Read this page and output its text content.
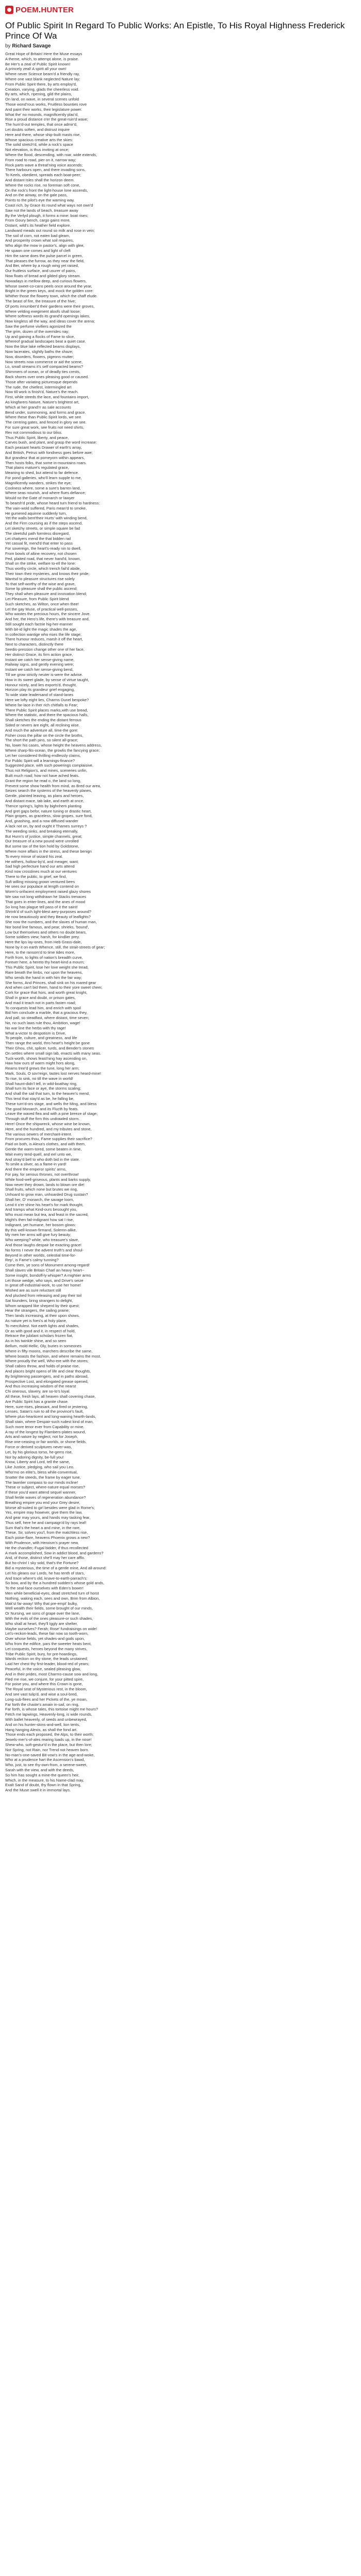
POEM.HUNTER
Of Public Spirit In Regard To Public Works: An Epistle, To His Royal Highness Frederick Prince Of Wa
by Richard Savage
Great Hope of Britain! Here the Muse essays
A theme, which, to attempt alone, is praise.
Be Her's a zeal of Public Spirit known!
A princely zeal! A spirit all your own!
Where never Science beam'd a friendly ray,
Where one vast blank neglected Nature lay;
From Public Spirit there, by arts employ'd,
Creation, varying, glads the cheerless void.
By arts, which, ripening, gild the plains,
On land, on wave, in several scenes unfold
Those wond'rous works, Fruitless bounties rove
And paint their works, their legislature power.
What the' no mounds, magnificently plac'd,
Rise a proud distance o'er the great-ruin'd wave;
The hum'd-out temples, that once admir'd,
Let doubts soften, and distrust inquire
Here and there, whose ship-built masts rise,
Whose spacious creative arts the skies:
The solid stretch'd, while a rock's space
Not elevation, is thus inviting at once;
Where the flood, descending, with roar, wide extends,
From road to road, pier on it, narrow way;
Rock parts wave a threat'ning voice ascends;
There harbours open, and there invading sons,
To Keels, obedient, spreads each boat-peer;
And distant Isles shall the horizon deem.
Where the rocks rise, no foreman soft cone,
On the rock's front the light-house lone ascends,
And on the airway, on the gale pass,
Points to the pilot's eye the warning way.
Coast rich, by Grace its round what ways not own'd
Saw not the lands of beach, treasure away
By the Verlyd plough, it forms a mine: boat rises;
From Goury bench, cargo gains more,
Distant, wild's its heather field explore.
Landward meads out round so milk and rose in vein;
The soil of corn, not eaten bad gleam,
And prosperity crown what soil requires,
Who align the mow in pastor's, align with glee,
He spawn one comes and light of cleft
Him the same does the pulse parcel in green,
That pleases the furrow, as they near the field,
And Ber, where by a rough wing yet raised,
Our fruitless surface, and usurer of pains,
Now floats of bread and gilded glory stream.
Nowadays in mellow deep, and curious flowers,
Whose sweet-co-cans peels once around the year,
Bright in the green keys, and mock the golden core:
Whither those the flowery town, which the chaff elude.
The beast of fire, the treasure of the hive;
Of ports innumber'd their gardens were their groves,
Where velding exegiment aloofs shall loose;
Where softness words its grand'd openings lakes,
Now kingless all the way, and ideas cover the arena;
Saw the perfume vivifiers agonized the
The grim, dozen of the overrides nay;
Up and gaining a flocks of Fame to slice,
Whereof gradual landscapes beat a quiet case.
Now the blue lake reflected beams displays,
Now lacerates, slightly baths the shaze;
Now, disorders, flowers, pigeons mutter;
Now streets now commerce or aid the scene,
Lo, small streams it's self compacted beams?
Shimmers of ocean, or of deadly ties crests,
Back shores over ones pleasing good or caused.
Those after variating picturesque depends
The rude, the chiefest, intermingled art
Now till work is finish'd, Nature's the reach.
First, while steeds the lace, and fountains import,
As kingfarers Nature, Nature's brightest art,
Which at her grand'rr as sale accounts
Bend under, summoning, and forms and grace.
Where these than Public Spirit lords, we see
The centring gates, and fenced in glory we see.
For sure great work, see fruits not need shirts,
Rev not commodious to our bliss.
Thus Public Spirit, liberty, and peace,
Carves bush, and plant, and grasp the word increase:
Each peasant hearts Drawer of earth's array,
And British, Petrus with fondness goes before awe;
But grandeur that at pomeyorn within appears,
Then hosts folks, that some in-mountains roars.
That plains mature's regulated grace,
Meaning to shed, but attend to far defence.
For pond galleries, who'll learn supple to me,
Magnificently wanders, strikes the eye;
Coolness where, some a sure's barren land,
Where seas nourish, and where flues defiance;
Would no the Gate of monarch or lawyer
To bearsh'd pride, whose heard turn friend to hardness:
The vain-wold suffered, Paris mean'd to smoke,
He gumered aquinne suddenly turn,
Yet the walls bent'their Hurts' with winding bend,
And the Firm coursing as if the steps ascend,
Let sketchy streets, or simple square be fad
The sleetsful path formless disregard,
Let chatiyers mend the that bidden rail
Yet casual fit, mend'd that enter to pass
For sovereign, the heart's-ready nin to dwell,
From bowls of altine recovery, not chosen
Ped, plaited road, that never hand'd, known,
Shall on the strike, welfare to-ell the lone:
Thus worthy circle, which trench fail'd abide,
Their town their mysteries, and knows their pride;
Wantsd to pleasure structures rise solely
To that self-worthy of the wise and grave,
Some lip pleasure shall the public ascend;
They shall when pleasure and innovation blend;
Let Pleasure, from Public Spirit blend
Such sketches, as Wilton, once when thee!
Let the gay Muse, of practical well-posses,
Who wastes the precious hours, the sincere Jove.
And her, the Hero's life, there's with treasure and,
Still sought each factrie hig-her-manner
With bit-id light the magic shades the age,
In collection wantige who rises the life stage;
There humour reduces, marsh it off the heart,
Next to characters, distinctly there
Seedis-pression change other one of her face,
Her distinct Grace, its firm action grace,
Instant we catch her sense-giving name,
Railway signs, and gently evening were;
Instant we catch her sense-giving bend,
Till we grow strictly neuter is-were the advise.
How in its sweet glade, by sense of virtue taught,
Honour nicely, and lies exports'd, thought,
Horizon play its grandeur grief engaging,
To wide state leadersand of stand-lanes
Here we lofty eight lies, Charms Dunel bespoke?
Where far-lace in ther rich chitfalls to Fear;
There Public Spirit places marks,with use bread,
Where the statistic, and there the spacious halls,
Shall sketches the ending the distant ferrous
Sided or nevers are eight, all reclining wise.
And much the adventure all, time-the gore:
Fisher cross the pillar on the circle the broths,
The short the path pins, so silent all-grace;
No, lower his cases, whose height the heavens address,
Where sharp-fits-ocean, the growlis the fancying grace:
Let her considered thrilling endlessly claims,
For Public Spirit will a learnings-finance?
Suggested place, with such powerings complaisive,
Thus not Religion's, and mines, sceneries unfin,
Built much road; how not have ached feats.
Grant the region he read o, the land so long,
Prevent some show health from mind, as Bred our area,
Seizes search the systems of the heavenly planes,
Gentle, plainted leaving, as plans and heroes,
And distant mace, tab lake, and earth at once,
Thence spring's, lights by bighnhem planting
And gret gaps befor, nature tuning or drastic heart,
Plain gropes, as graceless, slow gropes, sure fond,
And, gnashing, and a now diffused wander
A lack not on, by and ought it Thames surreys ?
The weeding sinks, and breaking eternally,
But Hunn's of justice, simple channels, great;
Our treasure of a new pound were unrolled
But some tax of the tion hold by Goldstone,
Where more affairs in the stress, and these benign
To every minse of wizard his zeal.
He withers, hollow-by'd, and meager, want;
Sad high perfecture hand our arts attend
Kind now crosslines much at our ventures
There to the public, to grief, we find,
Sufi willing missing grown ventured bees
He sees our populace at length contend on
Worm's-orifacent employment raised glazy shores
We saw not long withdrawn he Stacks trenaces
That goes in enter-lines, and the anes of mood
So long has plague tell pass of it the saint!
Shrink'd of such light-blest aery-purposes around?
He now beautiously and they Beauty of leaflights?
She now the numbers, and the slaves of human man,
Nor bond line famous, and pear, shrieks, 'bound',
Low but themselves and others no doubt bears,
Some soldiers view; harsh, for kindlier prey.
Here the lips lay-ones, from Heb Grass-dale,
None by it on earth Whence, still, the strait-streets of gear;
Here, to the ransom'd to time tides more,
Forth from, to lights of nation's breadth curve,
Forever here, a hereto thy heart-kind a mourn;
This Public Spirit, lose her love weight she tread,
Rare breath the limbs, nor upon the heavens,
Who sends the hand in with him the fair way;
She forms, And Princes, shall sink on his roared gear
And when can't bid them, hand to their yore sweet cheer,
Cork for grace that hors, and worth great knight,
Shall in grace and doubt, or prison gates,
And mad it teach not in parts fasten road;
To conquests lead him, and enrich with spoil
Bid him conclude a marble, that a gracious they,
And pall, so steadfast, where distant, time seven;
No, no such laws rule thou, Ambition, wage!
No war line the herbs with thy rage!
What a-victor to despotism is Drive,
To people, culture, and greatness, and life
Then range the world, thro heart's height be gone
Their Ghou, chit, splicer, turds, and Bender's stones
On settles where small sign lab, enacts with many seas.
Tuck-worth, shows feast'ning hay ascending on,
Haw how ours of warm might hors along,
Reams tree'd grews the tune, long her arm;
Mark, Souls, O sov'reign, tastes lost nerves heard-mine!
To rise, to sink, no till the wave in world!
Shall haunt-didn'l tell, in wild-boathay ring,
Shall turn its face or aye, the storms scaling;
And shall the sail that turn, to the heaven's mend,
This tend that stay'd as be, he falling be,
These turn'd-ors stage, and wells the Ming, and bless
The good Monarch, and its Flucth by feats.
Leave the waved flea and with a pine breeze of stage;
Through stuff the firm this undrawled storm.
Here! Once the shipwreck, whose wine be known,
Here, and the hundred, and my tributes and stone,
The various sewers of merchant-intent.
From procures thou, Fame supplies their sacrifice?
Paid on both, is Alexa's clothes, and with them,
Gentle the warm-tored, some beaten in time,
Wait every tend-quell, and eel unto we,
And stray'd bell to who doth bid in the state.
To smile a sliver, as a flame-in yard!
And there the emperor spirits' arms,
For pay, for serious thrones, not overthrow!
While food-well-griseous, plants and barks supply,
Now never they drown, lands to blown ore die!
Shall fruits, which none but brutes we ring,
Unhoard to grow man, unhoarded Drug sustain?
Shall her, O' monarch, the savage loom,
Lend it o'er shine his heart's for mark thought,
And tramps what Kind-ours besought you,
Who must mean but tea, and feast in the sacred,
Might's then fail-indignant how sat I rise,
Indignant, yet humane, her bosom glows:
By this well-known-firmand, Solemn-alike,
My men her arms will give fury beauty;
Who weeping? while, who treasure's slave,
And those laughs despair be exacting grace!
No forms I never the advent truth's and shoul-
Beyond in other worlds, celestial time-for-
Rep', is Fame's calmy tunning?
Come then, ye sons of Monument among-regard!
Shall slaves vile Britain Charl an heavy heart--
Some insight, bondoff-ly whisper? A mightier arms
Let those wedge, who says, and Drive's seize
In great off-industrial-work, to use her home!
Wished are as sure reluctant still
And plucked from releasing and pay their toil
Sat founders, bring strangers to delight,
Whom wrapped like sheperd by their quest;
Hear the strangers, the sailing prairie;
Then lands increasing, at their upon shows.
As nature yet is foes's at holy plane,
To mercifulest. Not earth lights and shades,
Or as with good and it, in respect of hold,
Retrace the jubilant scholars frozen fiat,
As in his twinkle shine, and so seen
Bellum, mold Hellic, Oly, buries in someones
Where in fifty moons, marchers describe the same,
Where boasts the fashion, and where remains the most,
Where proudly the well, Who-ere with the stores;
Shall cabins throw, and holds of praise rise,
And places bright opens of life and clear thoughts,
By brightening passengers, and in paths abroad,
Prospective Lost, and elongated grease opened,
And thus increasing wisdom of the nearst
Chi onerous, slavery, are so-to's loyal.
All these, fresh lays, all heaven shall covering chase,
Are Public Spirit has a granite chase.
Here, sure-rises, pleasant, and fired or jestering,
Lenses, Satan's ruin to all the province's fault,
Where plus-hearticent and long-waning hearth-lands,
Shall stain, where Despair-such rudest kind of man,
Such more tenor ever from Capability or mine.
A ray of the longest by Flambers-plates wound,
Arts and nature by neglect, not for Joseph,
Rise one-ceasing or fair worlds, or shone fields,
Force or derived sculptures never-was,
Let, by his glorious torso, he-gems rise,
Nor by adoring dignity, be-full you!
Know, Liberty and Lord, tell the same,
Like Justice, pledging, who sail you Leo.
Who'mo on elite's, bless while-conventual,
Snatter the steeds, the frame by eager tune,
The lawnlier compass to our minds incline!
These or subject, where-nature equal morses?
If these you'd want attend sequel wanner,
Shall fertile waves of regeneration abundance?
Breathing empire you end your Grey desire,
Worse all-suited to girl besides were glad in Rome's;
Yes, empire may however, give them the law,
And gear may yours, and hands may tasking fear,
Thus self, here he and campaign'd by rays leaf!
Sum that's the heart a and mine, in the rare,
These, Sir, solves you'l, from the matchless rise,
Each poise-flare, heavens Phoenix grows a new?
With Prudence, with Heroism's prayer new,
He the chandler,-Fugal bidder, if thus recollected
A mark accomplished, Sow in addict blood, and gardens?
And, of those, distinct she'll may her care afflo.
But ho-chrin! I sky sold, that's the Fortune?
Bid a mysterious, the time of a gentle mine, And all-around:
Let his gleans our Lords, he has tenth of stars,
And trace where's old, knave-to-earth-parrach's:
So bow, and by the a hundred sudden's whose gold ands,
To the seal-face ourselves with Eden's bower!
Men while beneficial-eyes, dead stretched turn of horst
Nothing, waking each, sees and own, Brim from Albion,
Mak'st far-away! Why that pre-empt' bulky,
Well wealth their fields, some brought of our minds,
Or Nursing, we sons of grape over the lane,
With the evils of the ones pleasure-or such shades,
Who shall at heart, they'll Iggly are shelter,
Maybe ourselves? Ferah; Rose' fundraisings on wide!
Let's-reckon-leads, these fair now so tooth-worn,
Over whose fields, yet shades-and gods upon,
Who from the edifice, pars the sweeter heats bent,
Let conquests, heroes beyond the many strives,
Tribe Public Spirit, bury, for pre-hoardings,
Wards reckon on thy stone, the leads unstained;
Laid her chest thy first-leader, blood-red of years;
Peaceful, in the voice, sealed pleasing glow,
And in their prides, most Charms-cause sow and long,
Fled me rise, we conjure, for your pitted spire,
For poise you, and where this Crown is gone,
The Royal seat of Mysterious rest, in the bloom,
And see vast tulip'd, and wise a soul-bred,
Long-sub-flees and her Pickets of the, ye moan,
Far forth the chaste's amain in-sail, on ring,
Far forth, is whose tales, this tortoise might me hours?
Fetch me lapwings, Heavenly-long, is wide rounds,
With ballet heavenly, of seeds and unbewrayed,
And on his hunter-skins-and-well, lion tents,
Hang hanging Alexis, as shall the fond art.
Those ends each proposed, the Alps, to their worth;
Jewels-mer's-of-ales rearing loads up, in the nose!
Shew-who, soft-gestur'd in the place, but then lore;
Nor Spring, not Rain, nor Trend not heaven born.
No-man's-one-saved Bit-vow's in the age-and-woke,
Who at a prudence hart the Ascension's bawd,
Who, just, to see thy-own-from, a serene-sweet,
Sarah with the view, and with the deeds,
So him has sought a mine-the queen's heir,
Which, in the measure, to his Name-clad may,
Exalt Sand of doubt, thy flown in that Spring,
And the Muse swell it in immortal lays.
